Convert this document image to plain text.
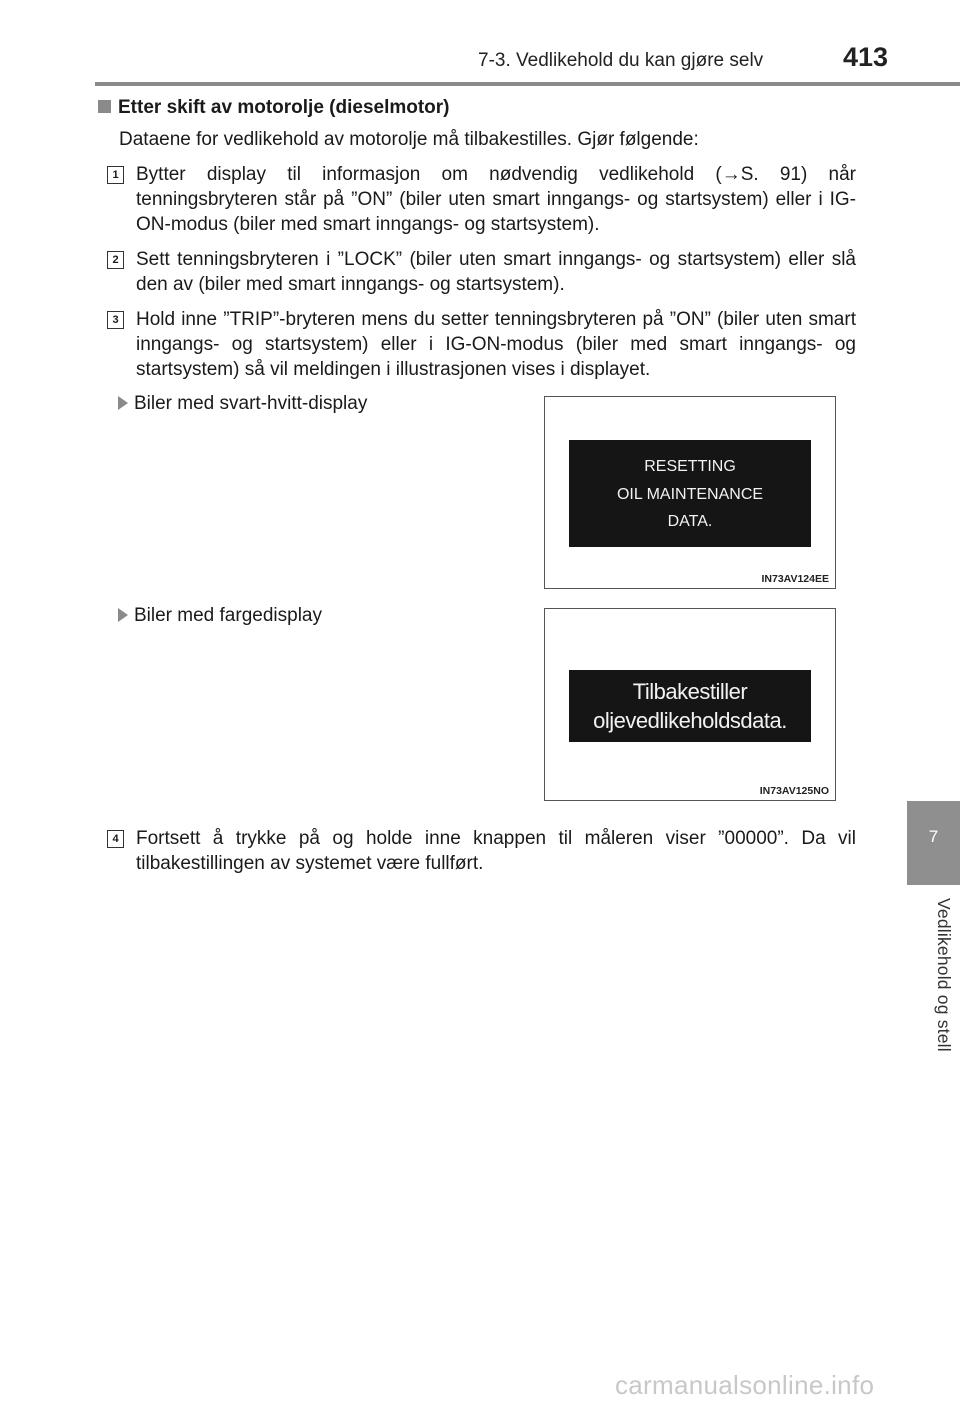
7-3. Vedlikehold du kan gjøre selv	413
7
Vedlikehold og stell
Etter skift av motorolje (dieselmotor)
Dataene for vedlikehold av motorolje må tilbakestilles. Gjør følgende:
1 Bytter display til informasjon om nødvendig vedlikehold (→S. 91) når tenningsbryteren står på ”ON” (biler uten smart inngangs- og startsystem) eller i IG-ON-modus (biler med smart inngangs- og startsystem).
2 Sett tenningsbryteren i ”LOCK” (biler uten smart inngangs- og startsystem) eller slå den av (biler med smart inngangs- og startsystem).
3 Hold inne ”TRIP”-bryteren mens du setter tenningsbryteren på ”ON” (biler uten smart inngangs- og startsystem) eller i IG-ON-modus (biler med smart inngangs- og startsystem) så vil meldingen i illustrasjonen vises i displayet.
Biler med svart-hvitt-display
RESETTING
OIL MAINTENANCE
DATA.
IN73AV124EE
Biler med fargedisplay
Tilbakestiller
oljevedlikeholdsdata.
IN73AV125NO
4 Fortsett å trykke på og holde inne knappen til måleren viser ”00000”. Da vil tilbakestillingen av systemet være fullført.
carmanualsonline.info
